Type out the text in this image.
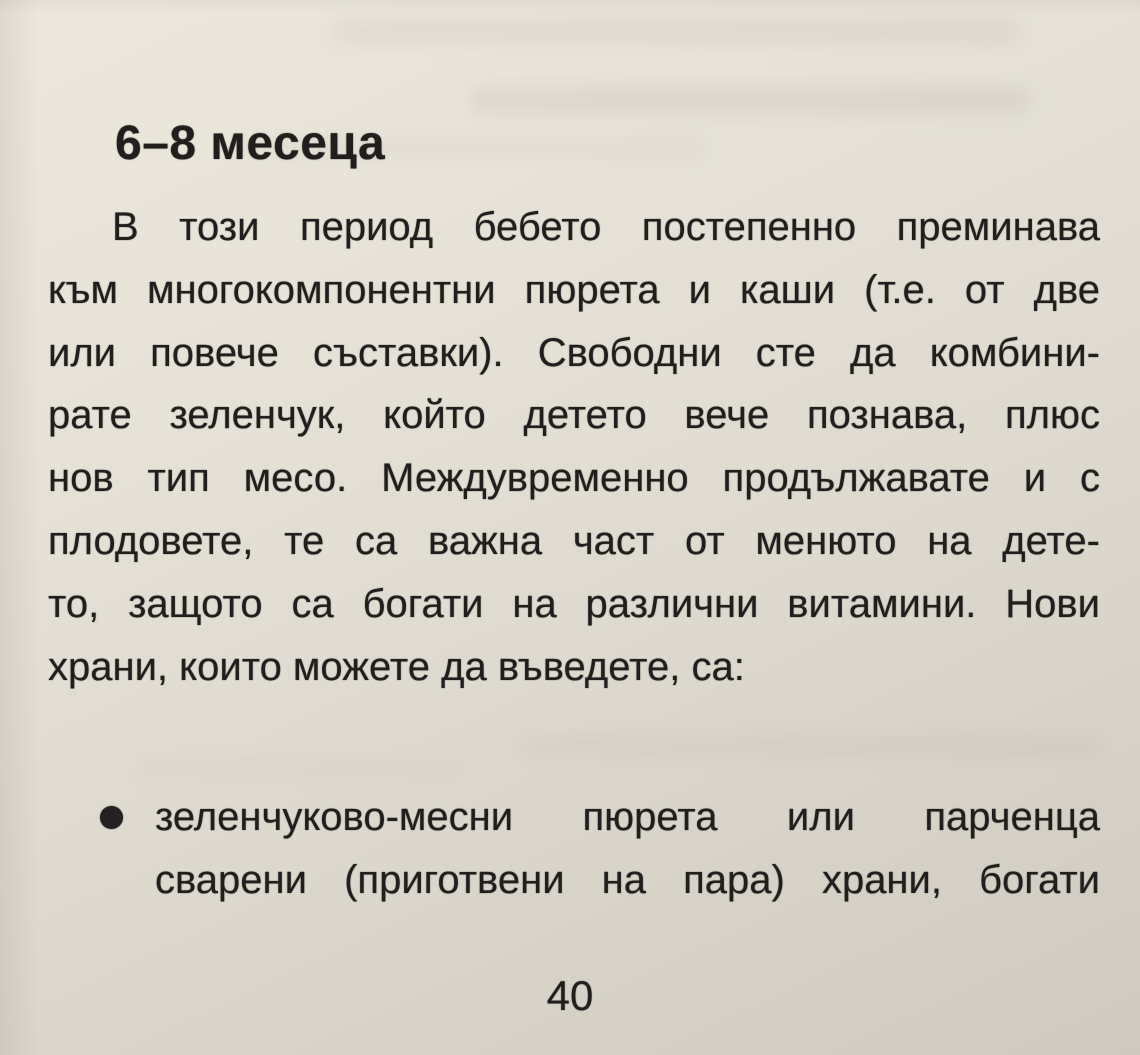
6–8 месеца
В този период бебето постепенно преминава
към многокомпонентни пюрета и каши (т.е. от две
или повече съставки). Свободни сте да комбини-
рате зеленчук, който детето вече познава, плюс
нов тип месо. Междувременно продължавате и с
плодовете, те са важна част от менюто на дете-
то, защото са богати на различни витамини. Нови
храни, които можете да въведете, са:
зеленчуково-месни пюрета или парченца
сварени (приготвени на пара) храни, богати
40
